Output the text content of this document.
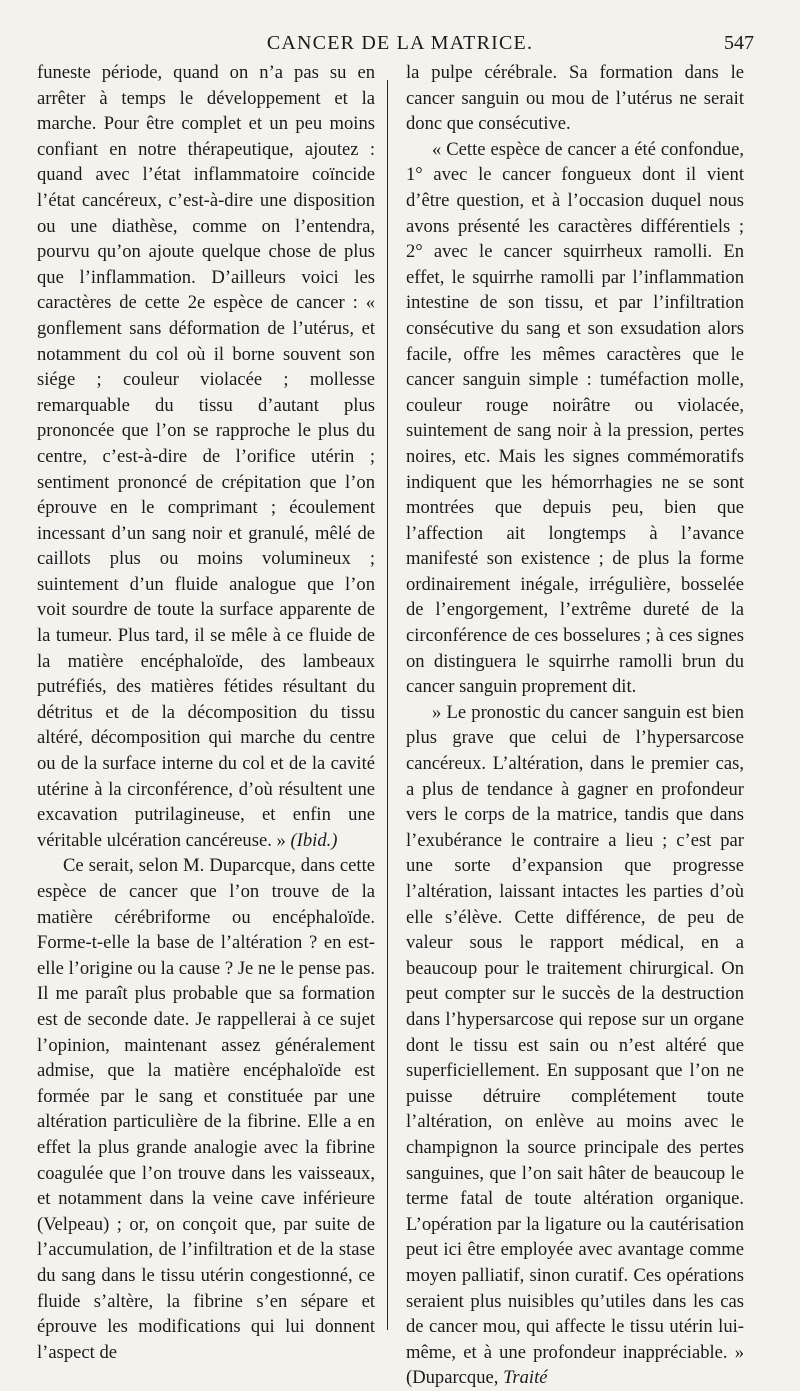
CANCER DE LA MATRICE.	547

funeste période, quand on n’a pas su en arrêter à temps le développement et la marche. Pour être complet et un peu moins confiant en notre thérapeutique, ajoutez : quand avec l’état inflammatoire coïncide l’état cancéreux, c’est-à-dire une disposition ou une diathèse, comme on l’entendra, pourvu qu’on ajoute quelque chose de plus que l’inflammation. D’ailleurs voici les caractères de cette 2e espèce de cancer : « gonflement sans déformation de l’utérus, et notamment du col où il borne souvent son siége ; couleur violacée ; mollesse remarquable du tissu d’autant plus prononcée que l’on se rapproche le plus du centre, c’est-à-dire de l’orifice utérin ; sentiment prononcé de crépitation que l’on éprouve en le comprimant ; écoulement incessant d’un sang noir et granulé, mêlé de caillots plus ou moins volumineux ; suintement d’un fluide analogue que l’on voit sourdre de toute la surface apparente de la tumeur. Plus tard, il se mêle à ce fluide de la matière encéphaloïde, des lambeaux putréfiés, des matières fétides résultant du détritus et de la décomposition du tissu altéré, décomposition qui marche du centre ou de la surface interne du col et de la cavité utérine à la circonférence, d’où résultent une excavation putrilagineuse, et enfin une véritable ulcération cancéreuse. » (Ibid.)

Ce serait, selon M. Duparcque, dans cette espèce de cancer que l’on trouve de la matière cérébriforme ou encéphaloïde. Forme-t-elle la base de l’altération ? en est-elle l’origine ou la cause ? Je ne le pense pas. Il me paraît plus probable que sa formation est de seconde date. Je rappellerai à ce sujet l’opinion, maintenant assez généralement admise, que la matière encéphaloïde est formée par le sang et constituée par une altération particulière de la fibrine. Elle a en effet la plus grande analogie avec la fibrine coagulée que l’on trouve dans les vaisseaux, et notamment dans la veine cave inférieure (Velpeau) ; or, on conçoit que, par suite de l’accumulation, de l’infiltration et de la stase du sang dans le tissu utérin congestionné, ce fluide s’altère, la fibrine s’en sépare et éprouve les modifications qui lui donnent l’aspect de

la pulpe cérébrale. Sa formation dans le cancer sanguin ou mou de l’utérus ne serait donc que consécutive.

« Cette espèce de cancer a été confondue, 1° avec le cancer fongueux dont il vient d’être question, et à l’occasion duquel nous avons présenté les caractères différentiels ; 2° avec le cancer squirrheux ramolli. En effet, le squirrhe ramolli par l’inflammation intestine de son tissu, et par l’infiltration consécutive du sang et son exsudation alors facile, offre les mêmes caractères que le cancer sanguin simple : tuméfaction molle, couleur rouge noirâtre ou violacée, suintement de sang noir à la pression, pertes noires, etc. Mais les signes commémoratifs indiquent que les hémorrhagies ne se sont montrées que depuis peu, bien que l’affection ait longtemps à l’avance manifesté son existence ; de plus la forme ordinairement inégale, irrégulière, bosselée de l’engorgement, l’extrême dureté de la circonférence de ces bosselures ; à ces signes on distinguera le squirrhe ramolli brun du cancer sanguin proprement dit.

» Le pronostic du cancer sanguin est bien plus grave que celui de l’hypersarcose cancéreux. L’altération, dans le premier cas, a plus de tendance à gagner en profondeur vers le corps de la matrice, tandis que dans l’exubérance le contraire a lieu ; c’est par une sorte d’expansion que progresse l’altération, laissant intactes les parties d’où elle s’élève. Cette différence, de peu de valeur sous le rapport médical, en a beaucoup pour le traitement chirurgical. On peut compter sur le succès de la destruction dans l’hypersarcose qui repose sur un organe dont le tissu est sain ou n’est altéré que superficiellement. En supposant que l’on ne puisse détruire complétement toute l’altération, on enlève au moins avec le champignon la source principale des pertes sanguines, que l’on sait hâter de beaucoup le terme fatal de toute altération organique. L’opération par la ligature ou la cautérisation peut ici être employée avec avantage comme moyen palliatif, sinon curatif. Ces opérations seraient plus nuisibles qu’utiles dans les cas de cancer mou, qui affecte le tissu utérin lui-même, et à une profondeur inappréciable. » (Duparcque, Traité
